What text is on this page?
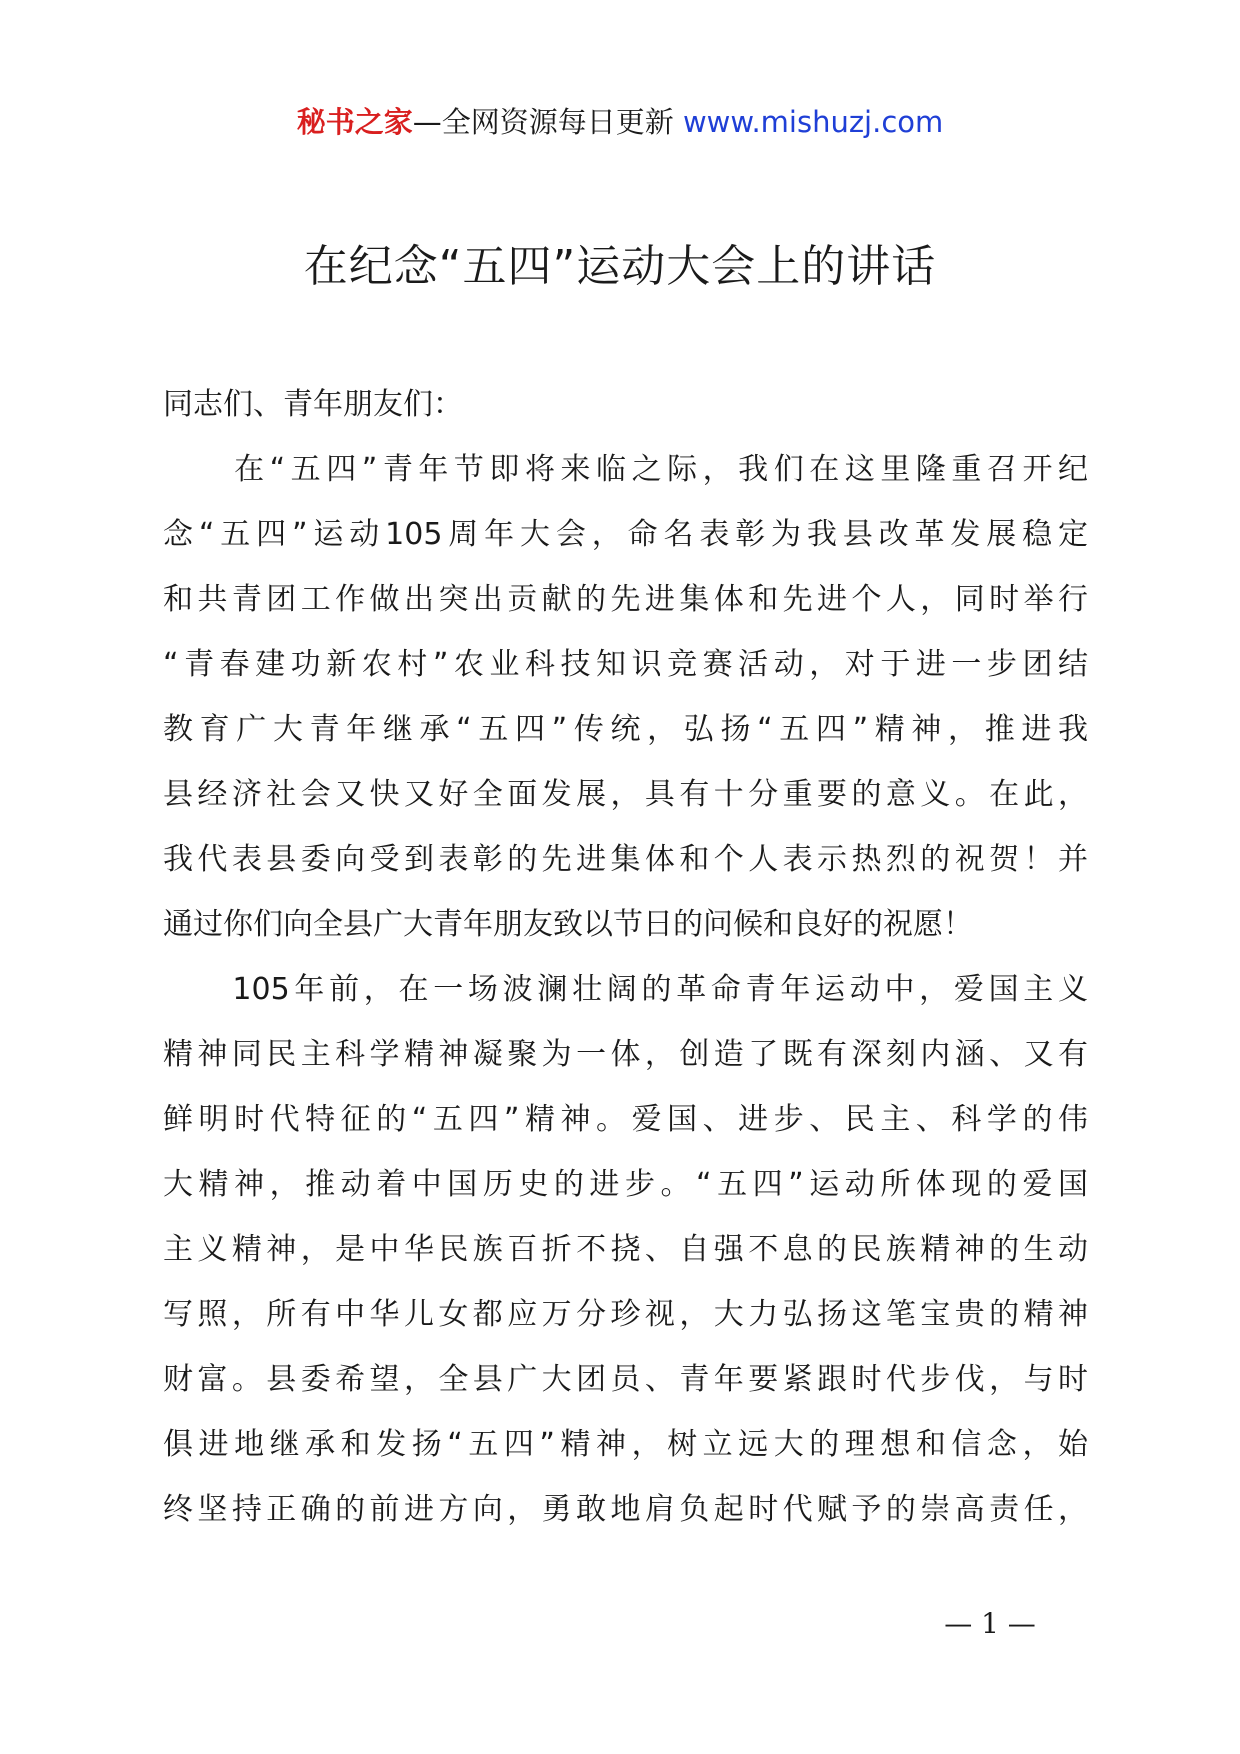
秘书之家—全网资源每日更新 www.mishuzj.com
在纪念“五四”运动大会上的讲话
同志们、青年朋友们：
　　在“五四”青年节即将来临之际，我们在这里隆重召开纪
念“五四”运动105周年大会，命名表彰为我县改革发展稳定
和共青团工作做出突出贡献的先进集体和先进个人，同时举行
“青春建功新农村”农业科技知识竞赛活动，对于进一步团结
教育广大青年继承“五四”传统，弘扬“五四”精神，推进我
县经济社会又快又好全面发展，具有十分重要的意义。在此，
我代表县委向受到表彰的先进集体和个人表示热烈的祝贺！并
通过你们向全县广大青年朋友致以节日的问候和良好的祝愿！
　　105年前，在一场波澜壮阔的革命青年运动中，爱国主义
精神同民主科学精神凝聚为一体，创造了既有深刻内涵、又有
鲜明时代特征的“五四”精神。爱国、进步、民主、科学的伟
大精神，推动着中国历史的进步。“五四”运动所体现的爱国
主义精神，是中华民族百折不挠、自强不息的民族精神的生动
写照，所有中华儿女都应万分珍视，大力弘扬这笔宝贵的精神
财富。县委希望，全县广大团员、青年要紧跟时代步伐，与时
俱进地继承和发扬“五四”精神，树立远大的理想和信念，始
终坚持正确的前进方向，勇敢地肩负起时代赋予的崇高责任，
— 1 —
